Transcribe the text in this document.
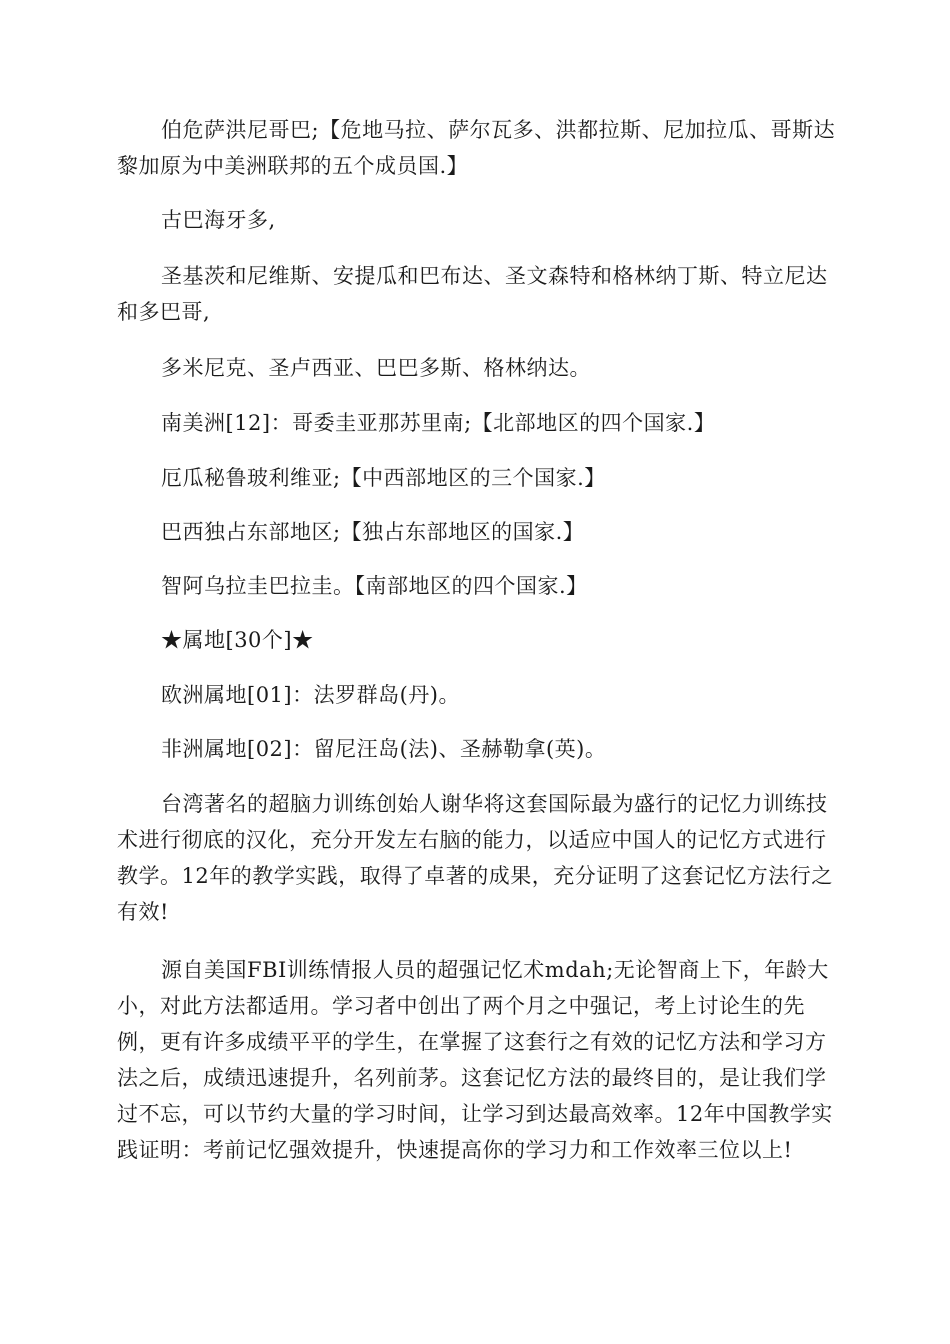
伯危萨洪尼哥巴;【危地马拉、萨尔瓦多、洪都拉斯、尼加拉瓜、哥斯达黎加原为中美洲联邦的五个成员国.】

古巴海牙多,

圣基茨和尼维斯、安提瓜和巴布达、圣文森特和格林纳丁斯、特立尼达和多巴哥,

多米尼克、圣卢西亚、巴巴多斯、格林纳达。

南美洲[12]：哥委圭亚那苏里南;【北部地区的四个国家.】

厄瓜秘鲁玻利维亚;【中西部地区的三个国家.】

巴西独占东部地区;【独占东部地区的国家.】

智阿乌拉圭巴拉圭。【南部地区的四个国家.】

★属地[30个]★

欧洲属地[01]：法罗群岛(丹)。

非洲属地[02]：留尼汪岛(法)、圣赫勒拿(英)。

台湾著名的超脑力训练创始人谢华将这套国际最为盛行的记忆力训练技术进行彻底的汉化，充分开发左右脑的能力，以适应中国人的记忆方式进行教学。12年的教学实践，取得了卓著的成果，充分证明了这套记忆方法行之有效!

源自美国FBI训练情报人员的超强记忆术mdah;无论智商上下，年龄大小，对此方法都适用。学习者中创出了两个月之中强记，考上讨论生的先例，更有许多成绩平平的学生，在掌握了这套行之有效的记忆方法和学习方法之后，成绩迅速提升，名列前茅。这套记忆方法的最终目的，是让我们学过不忘，可以节约大量的学习时间，让学习到达最高效率。12年中国教学实践证明：考前记忆强效提升，快速提高你的学习力和工作效率三位以上!
